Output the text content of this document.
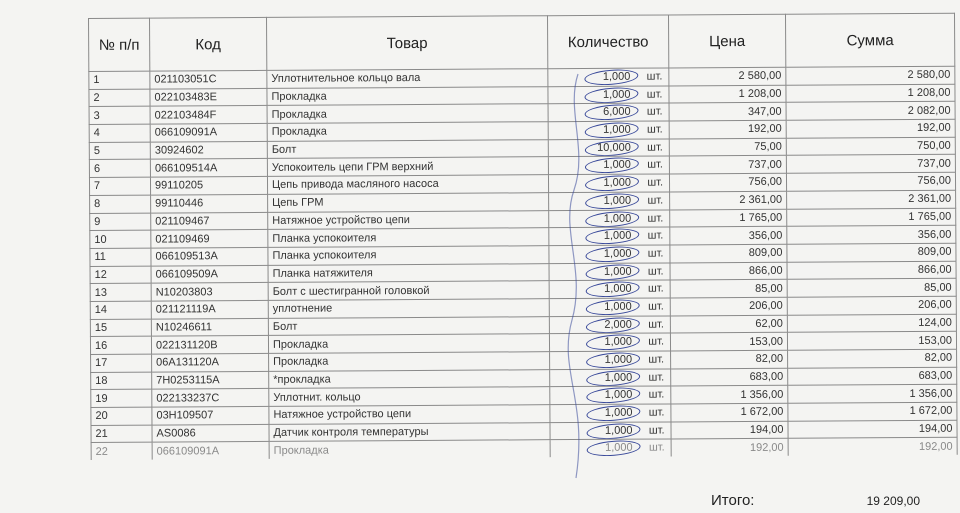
№ п/п	Код	Товар	Количество	Цена	Сумма
1	021103051C	Уплотнительное кольцо вала	1,000 шт.	2 580,00	2 580,00
2	022103483E	Прокладка	1,000 шт.	1 208,00	1 208,00
3	022103484F	Прокладка	6,000 шт.	347,00	2 082,00
4	066109091A	Прокладка	1,000 шт.	192,00	192,00
5	30924602	Болт	10,000 шт.	75,00	750,00
6	066109514A	Успокоитель цепи ГРМ верхний	1,000 шт.	737,00	737,00
7	99110205	Цепь привода масляного насоса	1,000 шт.	756,00	756,00
8	99110446	Цепь ГРМ	1,000 шт.	2 361,00	2 361,00
9	021109467	Натяжное устройство цепи	1,000 шт.	1 765,00	1 765,00
10	021109469	Планка успокоителя	1,000 шт.	356,00	356,00
11	066109513A	Планка успокоителя	1,000 шт.	809,00	809,00
12	066109509A	Планка натяжителя	1,000 шт.	866,00	866,00
13	N10203803	Болт с шестигранной головкой	1,000 шт.	85,00	85,00
14	021121119A	уплотнение	1,000 шт.	206,00	206,00
15	N10246611	Болт	2,000 шт.	62,00	124,00
16	022131120B	Прокладка	1,000 шт.	153,00	153,00
17	06A131120A	Прокладка	1,000 шт.	82,00	82,00
18	7H0253115A	*прокладка	1,000 шт.	683,00	683,00
19	022133237C	Уплотнит. кольцо	1,000 шт.	1 356,00	1 356,00
20	03H109507	Натяжное устройство цепи	1,000 шт.	1 672,00	1 672,00
21	AS0086	Датчик контроля температуры	1,000 шт.	194,00	194,00
22	066109091A	Прокладка	1,000 шт.	192,00	192,00
Итого:	19 209,00
